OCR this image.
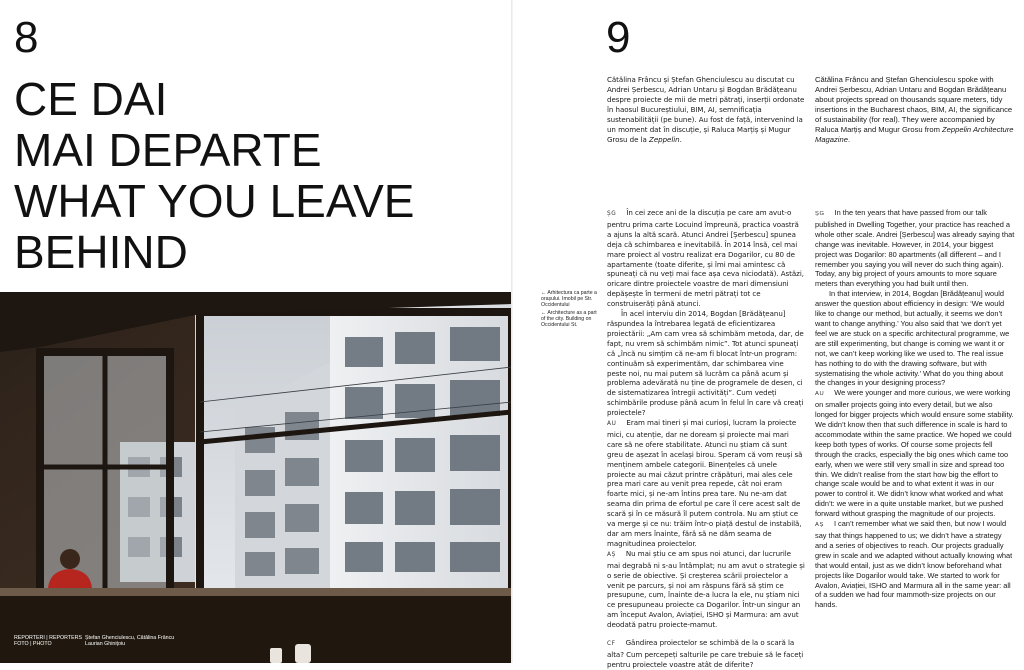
8
CE DAI
MAI DEPARTE
WHAT YOU LEAVE
BEHIND
REPORTERI | REPORTERS
FOTO | PHOTO
Ștefan Ghenciulescu, Cătălina Frâncu
Laurian Ghinițoiu
9
← Arhitectura ca parte a orașului. Imobil pe Str. Occidentului
← Architecture as a part of the city. Building on Occidentului St.
Cătălina Frâncu și Ștefan Ghenciulescu au discutat cu Andrei Șerbescu, Adrian Untaru și Bogdan Brădățeanu despre proiecte de mii de metri pătrați, inserții ordonate în haosul Bucureștiului, BIM, AI, semnificația sustenabilității (pe bune). Au fost de față, intervenind la un moment dat în discuție, și Raluca Marțiș și Mugur Grosu de la Zeppelin.
Cătălina Frâncu and Ștefan Ghenciulescu spoke with Andrei Șerbescu, Adrian Untaru and Bogdan Brădățeanu about projects spread on thousands square meters, tidy insertions in the Bucharest chaos, BIM, AI, the significance of sustainability (for real). They were accompanied by Raluca Marțiș and Mugur Grosu from Zeppelin Architecture Magazine.

ȘG În cei zece ani de la discuția pe care am avut-o pentru prima carte Locuind împreună, practica voastră a ajuns la altă scară. Atunci Andrei [Șerbescu] spunea deja că schimbarea e inevitabilă. În 2014 însă, cel mai mare proiect al vostru realizat era Dogarilor, cu 80 de apartamente (toate diferite, și îmi mai amintesc că spuneați că nu veți mai face așa ceva niciodată). Astăzi, oricare dintre proiectele voastre de mari dimensiuni depășește în termeni de metri pătrați tot ce construiserăți până atunci.

În acel interviu din 2014, Bogdan [Brădățeanu] răspundea la întrebarea legată de eficientizarea proiectării: „Am cam vrea să schimbăm metoda, dar, de fapt, nu vrem să schimbăm nimic”. Tot atunci spuneați că „încă nu simțim că ne-am fi blocat într-un program: continuăm să experimentăm, dar schimbarea vine peste noi, nu mai putem să lucrăm ca până acum și problema adevărată nu ține de programele de desen, ci de sistematizarea întregii activități”. Cum vedeți schimbările produse până acum în felul în care vă creați proiectele?

AU Eram mai tineri și mai curioși, lucram la proiecte mici, cu atenție, dar ne doream și proiecte mai mari care să ne ofere stabilitate. Atunci nu știam că sunt greu de așezat în același birou. Speram că vom reuși să menținem ambele categorii. Binențeles că unele proiecte au mai căzut printre crăpături, mai ales cele prea mari care au venit prea repede, cât noi eram foarte mici, și ne-am întins prea tare. Nu ne-am dat seama din prima de efortul pe care îl cere acest salt de scară și în ce măsură îl putem controla. Nu am știut ce va merge și ce nu: trăim într-o piață destul de instabilă, dar am mers înainte, fără să ne dăm seama de magnitudinea proiectelor.

AȘ Nu mai știu ce am spus noi atunci, dar lucrurile mai degrabă ni s-au întâmplat; nu am avut o strategie și o serie de obiective. Și creșterea scării proiectelor a venit pe parcurs, și noi am răspuns fără să știm ce presupune, cum, înainte de-a lucra la ele, nu știam nici ce presupuneau proiecte ca Dogarilor. Într-un singur an am început Avalon, Aviației, ISHO și Marmura: am avut deodată patru proiecte-mamut.

CF Gândirea proiectelor se schimbă de la o scară la alta? Cum percepeți salturile pe care trebuie să le faceți pentru proiectele voastre atât de diferite?

ȘG In the ten years that have passed from our talk published in Dwelling Together, your practice has reached a whole other scale. Andrei [Șerbescu] was already saying that change was inevitable. However, in 2014, your biggest project was Dogarilor: 80 apartments (all different – and I remember you saying you will never do such thing again). Today, any big project of yours amounts to more square meters than everything you had built until then.

In that interview, in 2014, Bogdan [Brădățeanu] would answer the question about efficiency in design: ‘We would like to change our method, but actually, it seems we don’t want to change anything.’ You also said that ‘we don’t yet feel we are stuck on a specific architectural programme, we are still experimenting, but change is coming we want it or not, we can’t keep working like we used to. The real issue has nothing to do with the drawing software, but with systematising the whole activity.’ What do you thing about the changes in your designing process?

AU We were younger and more curious, we were working on smaller projects going into every detail, but we also longed for bigger projects which would ensure some stability. We didn’t know then that such difference in scale is hard to accommodate within the same practice. We hoped we could keep both types of works. Of course some projects fell through the cracks, especially the big ones which came too early, when we were still very small in size and spread too thin. We didn’t realise from the start how big the effort to change scale would be and to what extent it was in our power to control it. We didn’t know what worked and what didn’t: we were in a quite unstable market, but we pushed forward without grasping the magnitude of our projects.

AȘ I can’t remember what we said then, but now I would say that things happened to us; we didn’t have a strategy and a series of objectives to reach. Our projects gradually grew in scale and we adapted without actually knowing what that would entail, just as we didn’t know beforehand what projects like Dogarilor would take. We started to work for Avalon, Aviației, ISHO and Marmura all in the same year: all of a sudden we had four mammoth-size projects on our hands.
